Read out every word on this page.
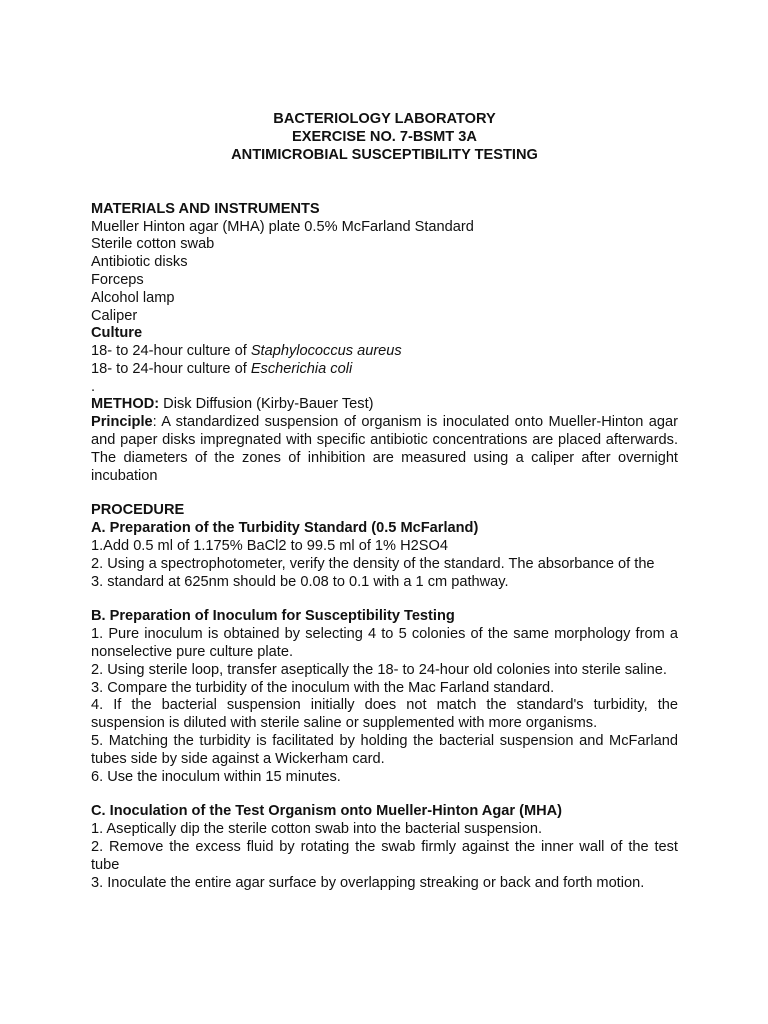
BACTERIOLOGY LABORATORY
EXERCISE NO. 7-BSMT 3A
ANTIMICROBIAL SUSCEPTIBILITY TESTING
MATERIALS AND INSTRUMENTS
Mueller Hinton agar (MHA) plate 0.5% McFarland Standard
Sterile cotton swab
Antibiotic disks
Forceps
Alcohol lamp
Caliper
Culture
18- to 24-hour culture of Staphylococcus aureus
18- to 24-hour culture of Escherichia coli
.
METHOD: Disk Diffusion (Kirby-Bauer Test)
Principle: A standardized suspension of organism is inoculated onto Mueller-Hinton agar and paper disks impregnated with specific antibiotic concentrations are placed afterwards. The diameters of the zones of inhibition are measured using a caliper after overnight incubation
PROCEDURE
A. Preparation of the Turbidity Standard (0.5 McFarland)
1.Add 0.5 ml of 1.175% BaCl2 to 99.5 ml of 1% H2SO4
2. Using a spectrophotometer, verify the density of the standard. The absorbance of the
3. standard at 625nm should be 0.08 to 0.1 with a 1 cm pathway.
B. Preparation of Inoculum for Susceptibility Testing
1. Pure inoculum is obtained by selecting 4 to 5 colonies of the same morphology from a nonselective pure culture plate.
2. Using sterile loop, transfer aseptically the 18- to 24-hour old colonies into sterile saline.
3. Compare the turbidity of the inoculum with the Mac Farland standard.
4. If the bacterial suspension initially does not match the standard's turbidity, the suspension is diluted with sterile saline or supplemented with more organisms.
5. Matching the turbidity is facilitated by holding the bacterial suspension and McFarland tubes side by side against a Wickerham card.
6. Use the inoculum within 15 minutes.
C. Inoculation of the Test Organism onto Mueller-Hinton Agar (MHA)
1. Aseptically dip the sterile cotton swab into the bacterial suspension.
2. Remove the excess fluid by rotating the swab firmly against the inner wall of the test tube
3. Inoculate the entire agar surface by overlapping streaking or back and forth motion.
